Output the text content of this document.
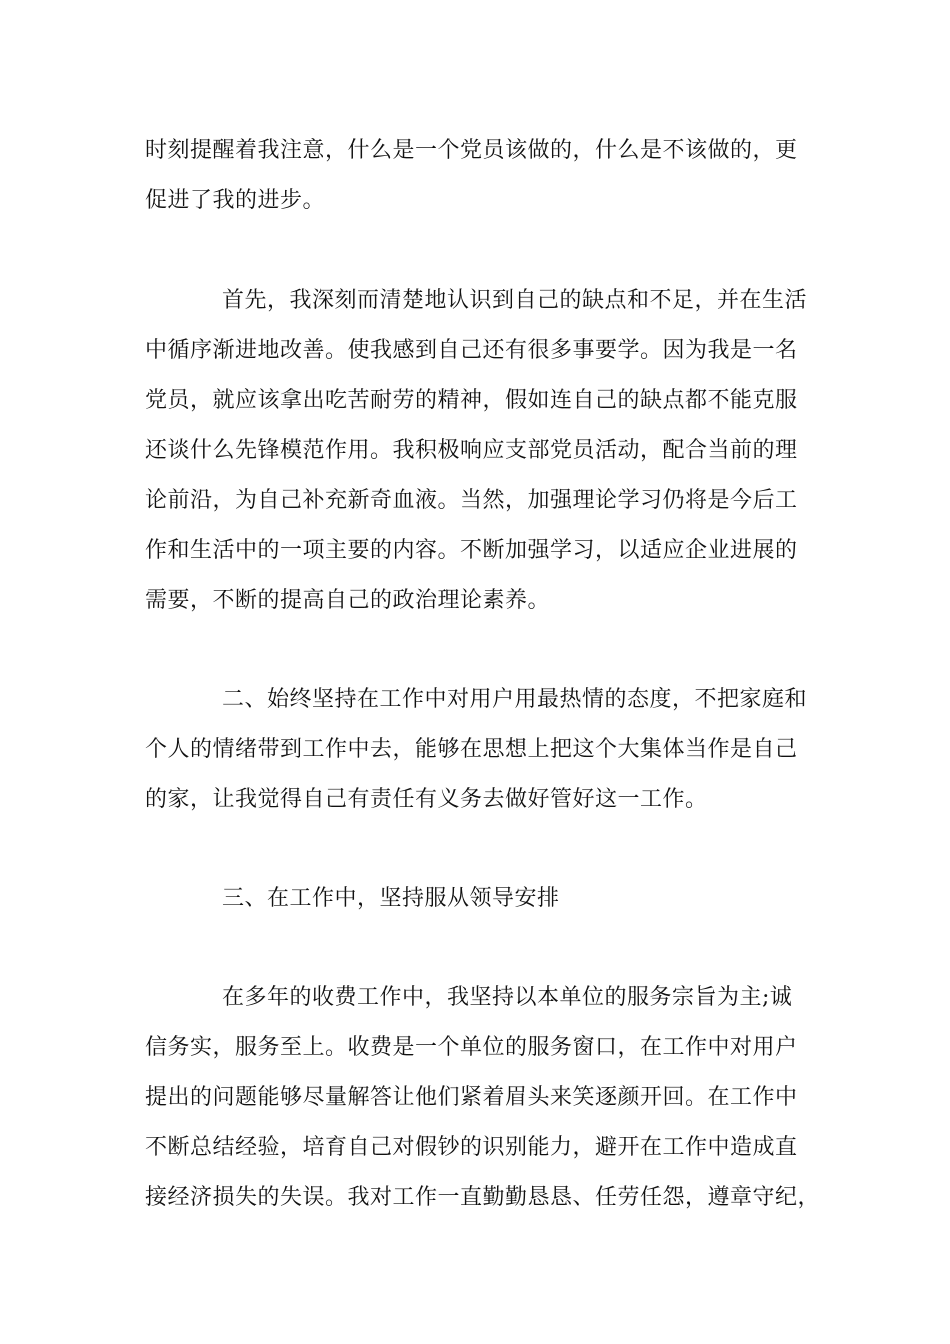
时刻提醒着我注意，什么是一个党员该做的，什么是不该做的，更
促进了我的进步。
首先，我深刻而清楚地认识到自己的缺点和不足，并在生活
中循序渐进地改善。使我感到自己还有很多事要学。因为我是一名
党员，就应该拿出吃苦耐劳的精神，假如连自己的缺点都不能克服
还谈什么先锋模范作用。我积极响应支部党员活动，配合当前的理
论前沿，为自己补充新奇血液。当然，加强理论学习仍将是今后工
作和生活中的一项主要的内容。不断加强学习，以适应企业进展的
需要，不断的提高自己的政治理论素养。
二、始终坚持在工作中对用户用最热情的态度，不把家庭和
个人的情绪带到工作中去，能够在思想上把这个大集体当作是自己
的家，让我觉得自己有责任有义务去做好管好这一工作。
三、在工作中，坚持服从领导安排
在多年的收费工作中，我坚持以本单位的服务宗旨为主;诚
信务实，服务至上。收费是一个单位的服务窗口，在工作中对用户
提出的问题能够尽量解答让他们紧着眉头来笑逐颜开回。在工作中
不断总结经验，培育自己对假钞的识别能力，避开在工作中造成直
接经济损失的失误。我对工作一直勤勤恳恳、任劳任怨，遵章守纪，
